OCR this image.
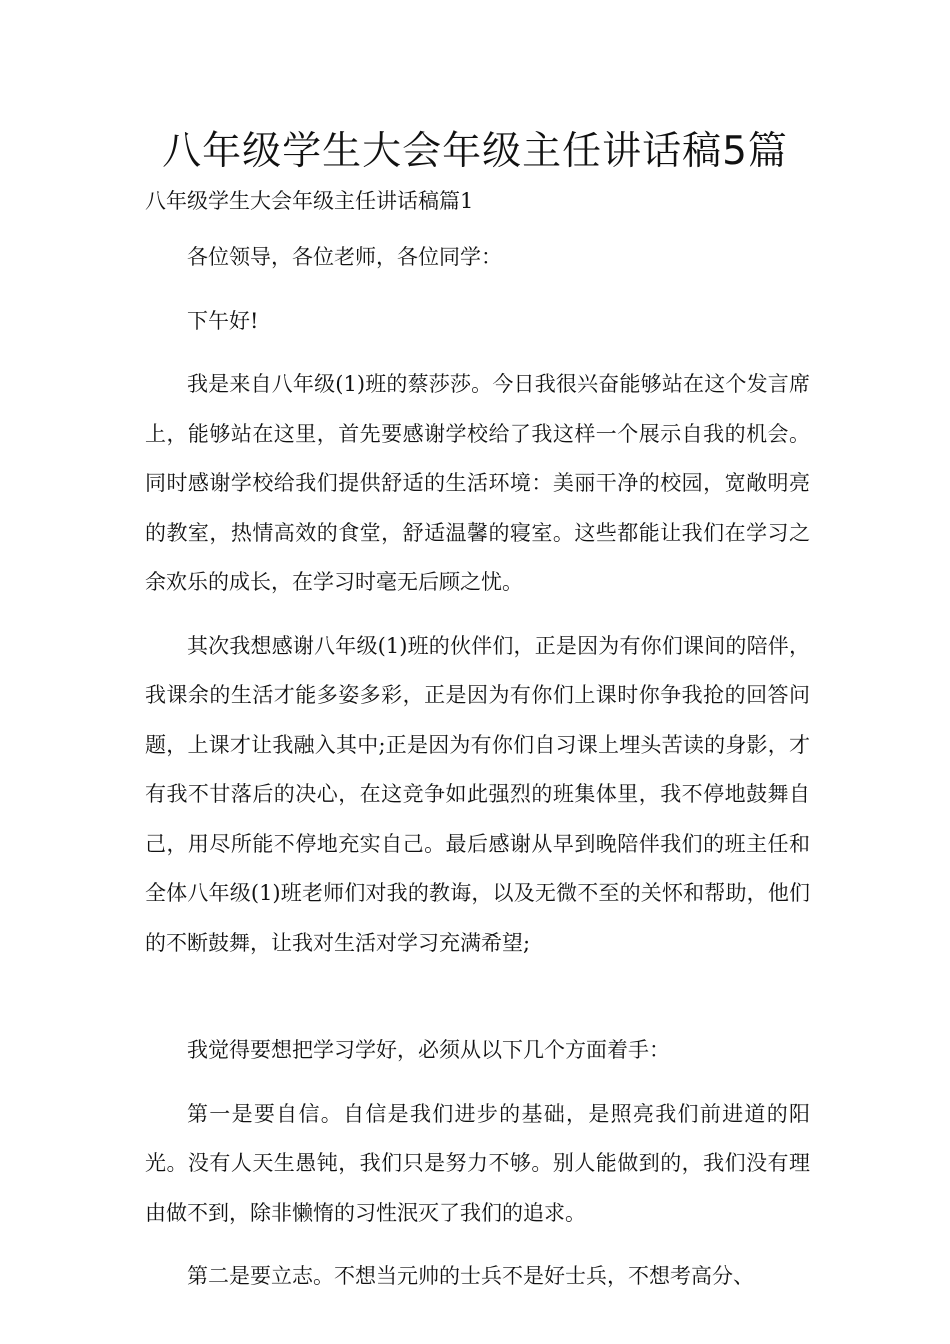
八年级学生大会年级主任讲话稿5篇

八年级学生大会年级主任讲话稿篇1

各位领导，各位老师，各位同学：

下午好!

我是来自八年级(1)班的蔡莎莎。今日我很兴奋能够站在这个发言席上，能够站在这里，首先要感谢学校给了我这样一个展示自我的机会。同时感谢学校给我们提供舒适的生活环境：美丽干净的校园，宽敞明亮的教室，热情高效的食堂，舒适温馨的寝室。这些都能让我们在学习之余欢乐的成长，在学习时毫无后顾之忧。

其次我想感谢八年级(1)班的伙伴们，正是因为有你们课间的陪伴，我课余的生活才能多姿多彩，正是因为有你们上课时你争我抢的回答问题，上课才让我融入其中;正是因为有你们自习课上埋头苦读的身影，才有我不甘落后的决心，在这竞争如此强烈的班集体里，我不停地鼓舞自己，用尽所能不停地充实自己。最后感谢从早到晚陪伴我们的班主任和全体八年级(1)班老师们对我的教诲，以及无微不至的关怀和帮助，他们的不断鼓舞，让我对生活对学习充满希望;

我觉得要想把学习学好，必须从以下几个方面着手：

第一是要自信。自信是我们进步的基础，是照亮我们前进道的阳光。没有人天生愚钝，我们只是努力不够。别人能做到的，我们没有理由做不到，除非懒惰的习性泯灭了我们的追求。

第二是要立志。不想当元帅的士兵不是好士兵，不想考高分、
